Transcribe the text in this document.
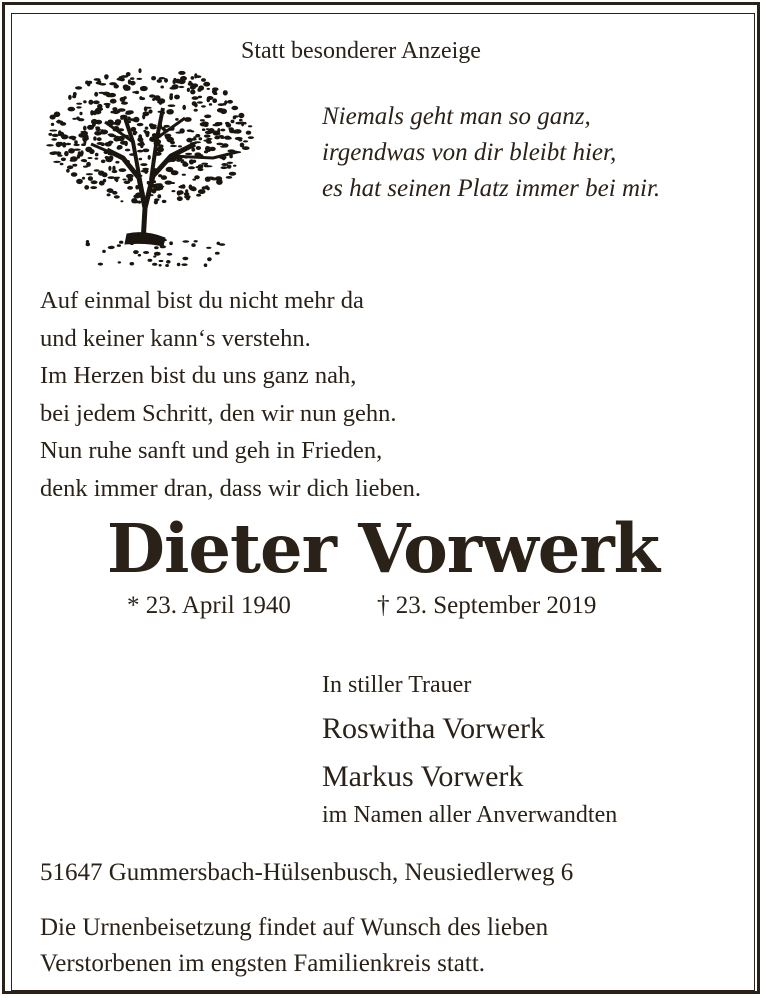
Statt besonderer Anzeige
Niemals geht man so ganz,
irgendwas von dir bleibt hier,
es hat seinen Platz immer bei mir.
Auf einmal bist du nicht mehr da
und keiner kann‘s verstehn.
Im Herzen bist du uns ganz nah,
bei jedem Schritt, den wir nun gehn.
Nun ruhe sanft und geh in Frieden,
denk immer dran, dass wir dich lieben.
Dieter Vorwerk
* 23. April 1940	† 23. September 2019
In stiller Trauer
Roswitha Vorwerk
Markus Vorwerk
im Namen aller Anverwandten
51647 Gummersbach-Hülsenbusch, Neusiedlerweg 6
Die Urnenbeisetzung findet auf Wunsch des lieben
Verstorbenen im engsten Familienkreis statt.
